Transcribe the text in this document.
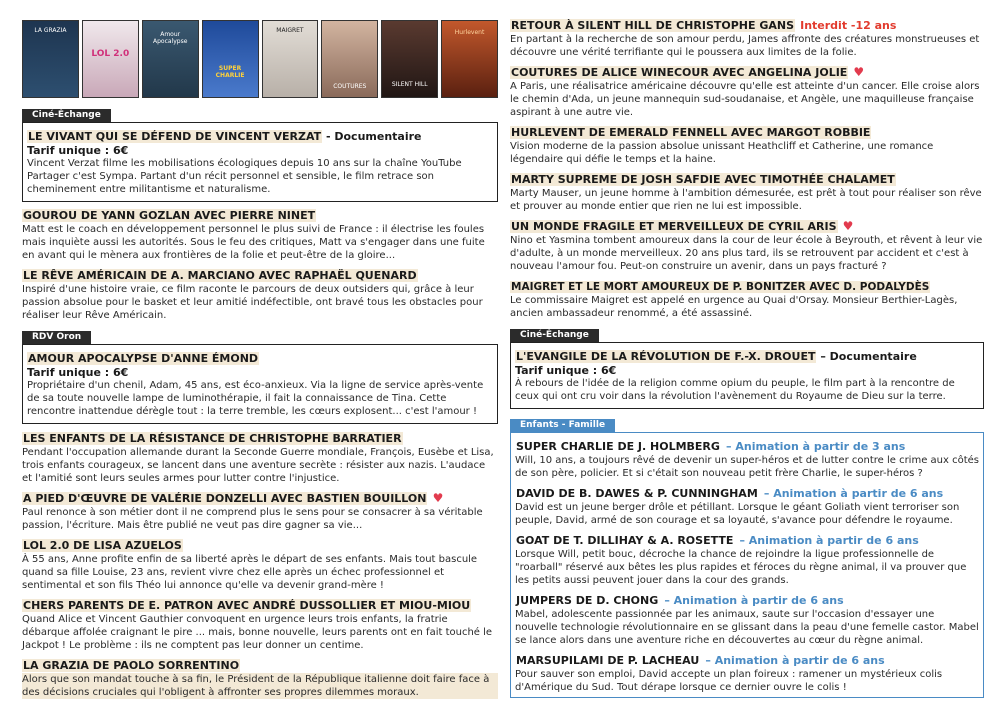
LA GRAZIA
LOL 2.0
Amour Apocalypse
SUPER CHARLIE
MAIGRET
COUTURES	SILENT HILL
Hurlevent
Ciné-Échange
LE VIVANT QUI SE DÉFEND DE VINCENT VERZAT - Documentaire
Tarif unique : 6€
Vincent Verzat filme les mobilisations écologiques depuis 10 ans sur la chaîne YouTube Partager c'est Sympa. Partant d'un récit personnel et sensible, le film retrace son cheminement entre militantisme et naturalisme.
GOUROU DE YANN GOZLAN AVEC PIERRE NINET
Matt est le coach en développement personnel le plus suivi de France : il électrise les foules mais inquiète aussi les autorités. Sous le feu des critiques, Matt va s'engager dans une fuite en avant qui le mènera aux frontières de la folie et peut-être de la gloire...
LE RÊVE AMÉRICAIN DE A. MARCIANO AVEC RAPHAËL QUENARD
Inspiré d'une histoire vraie, ce film raconte le parcours de deux outsiders qui, grâce à leur passion absolue pour le basket et leur amitié indéfectible, ont bravé tous les obstacles pour réaliser leur Rêve Américain.
RDV Oron
AMOUR APOCALYPSE D'ANNE ÉMOND
Tarif unique : 6€
Propriétaire d'un chenil, Adam, 45 ans, est éco-anxieux. Via la ligne de service après-vente de sa toute nouvelle lampe de luminothérapie, il fait la connaissance de Tina. Cette rencontre inattendue dérègle tout : la terre tremble, les cœurs explosent... c'est l'amour !
LES ENFANTS DE LA RÉSISTANCE DE CHRISTOPHE BARRATIER
Pendant l'occupation allemande durant la Seconde Guerre mondiale, François, Eusèbe et Lisa, trois enfants courageux, se lancent dans une aventure secrète : résister aux nazis. L'audace et l'amitié sont leurs seules armes pour lutter contre l'injustice.
A PIED D'ŒUVRE DE VALÉRIE DONZELLI AVEC BASTIEN BOUILLON ♥
Paul renonce à son métier dont il ne comprend plus le sens pour se consacrer à sa véritable passion, l'écriture. Mais être publié ne veut pas dire gagner sa vie...
LOL 2.0 DE LISA AZUELOS
À 55 ans, Anne profite enfin de sa liberté après le départ de ses enfants. Mais tout bascule quand sa fille Louise, 23 ans, revient vivre chez elle après un échec professionnel et sentimental et son fils Théo lui annonce qu'elle va devenir grand-mère !
CHERS PARENTS DE E. PATRON AVEC ANDRÉ DUSSOLLIER ET MIOU-MIOU
Quand Alice et Vincent Gauthier convoquent en urgence leurs trois enfants, la fratrie débarque affolée craignant le pire ... mais, bonne nouvelle, leurs parents ont en fait touché le Jackpot ! Le problème : ils ne comptent pas leur donner un centime.
LA GRAZIA DE PAOLO SORRENTINO
Alors que son mandat touche à sa fin, le Président de la République italienne doit faire face à des décisions cruciales qui l'obligent à affronter ses propres dilemmes moraux.
RETOUR À SILENT HILL DE CHRISTOPHE GANS Interdit -12 ans
En partant à la recherche de son amour perdu, James affronte des créatures monstrueuses et découvre une vérité terrifiante qui le poussera aux limites de la folie.
COUTURES DE ALICE WINECOUR AVEC ANGELINA JOLIE ♥
A Paris, une réalisatrice américaine découvre qu'elle est atteinte d'un cancer. Elle croise alors le chemin d'Ada, un jeune mannequin sud-soudanaise, et Angèle, une maquilleuse française aspirant à une autre vie.
HURLEVENT DE EMERALD FENNELL AVEC MARGOT ROBBIE
Vision moderne de la passion absolue unissant Heathcliff et Catherine, une romance légendaire qui défie le temps et la haine.
MARTY SUPREME DE JOSH SAFDIE AVEC TIMOTHÉE CHALAMET
Marty Mauser, un jeune homme à l'ambition démesurée, est prêt à tout pour réaliser son rêve et prouver au monde entier que rien ne lui est impossible.
UN MONDE FRAGILE ET MERVEILLEUX DE CYRIL ARIS ♥
Nino et Yasmina tombent amoureux dans la cour de leur école à Beyrouth, et rêvent à leur vie d'adulte, à un monde merveilleux. 20 ans plus tard, ils se retrouvent par accident et c'est à nouveau l'amour fou. Peut-on construire un avenir, dans un pays fracturé ?
MAIGRET ET LE MORT AMOUREUX DE P. BONITZER AVEC D. PODALYDÈS
Le commissaire Maigret est appelé en urgence au Quai d'Orsay. Monsieur Berthier-Lagès, ancien ambassadeur renommé, a été assassiné.
Ciné-Échange
L'EVANGILE DE LA RÉVOLUTION DE F.-X. DROUET – Documentaire
Tarif unique : 6€
À rebours de l'idée de la religion comme opium du peuple, le film part à la rencontre de ceux qui ont cru voir dans la révolution l'avènement du Royaume de Dieu sur la terre.
Enfants - Famille
SUPER CHARLIE DE J. HOLMBERG – Animation à partir de 3 ans
Will, 10 ans, a toujours rêvé de devenir un super-héros et de lutter contre le crime aux côtés de son père, policier. Et si c'était son nouveau petit frère Charlie, le super-héros ?
DAVID DE B. DAWES & P. CUNNINGHAM – Animation à partir de 6 ans
David est un jeune berger drôle et pétillant. Lorsque le géant Goliath vient terroriser son peuple, David, armé de son courage et sa loyauté, s'avance pour défendre le royaume.
GOAT DE T. DILLIHAY & A. ROSETTE – Animation à partir de 6 ans
Lorsque Will, petit bouc, décroche la chance de rejoindre la ligue professionnelle de "roarball" réservé aux bêtes les plus rapides et féroces du règne animal, il va prouver que les petits aussi peuvent jouer dans la cour des grands.
JUMPERS DE D. CHONG – Animation à partir de 6 ans
Mabel, adolescente passionnée par les animaux, saute sur l'occasion d'essayer une nouvelle technologie révolutionnaire en se glissant dans la peau d'une femelle castor. Mabel se lance alors dans une aventure riche en découvertes au cœur du règne animal.
MARSUPILAMI DE P. LACHEAU – Animation à partir de 6 ans
Pour sauver son emploi, David accepte un plan foireux : ramener un mystérieux colis d'Amérique du Sud. Tout dérape lorsque ce dernier ouvre le colis !
